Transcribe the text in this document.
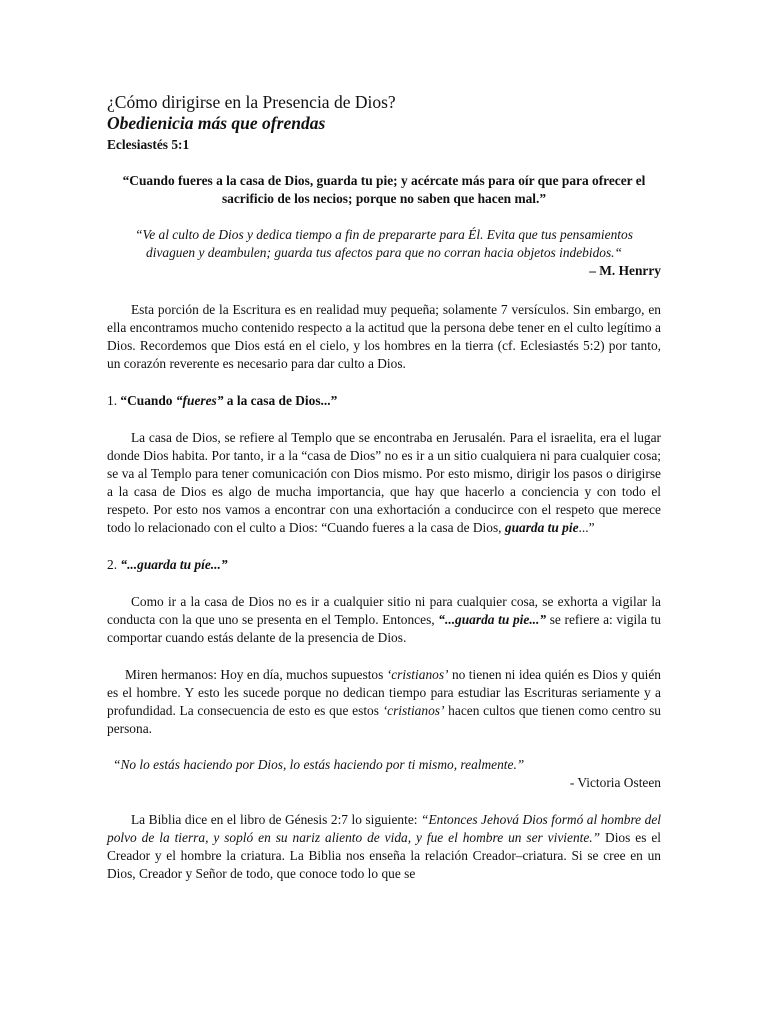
¿Cómo dirigirse en la Presencia de Dios?
Obedienicia más que ofrendas

Eclesiastés 5:1

“Cuando fueres a la casa de Dios, guarda tu pie; y acércate más para oír que para ofrecer el sacrificio de los necios; porque no saben que hacen mal.”

“Ve al culto de Dios y dedica tiempo a fin de prepararte para Él. Evita que tus pensamientos divaguen y deambulen; guarda tus afectos para que no corran hacia objetos indebidos.“

– M. Henrry

Esta porción de la Escritura es en realidad muy pequeña; solamente 7 versículos. Sin embargo, en ella encontramos mucho contenido respecto a la actitud que la persona debe tener en el culto legítimo a Dios. Recordemos que Dios está en el cielo, y los hombres en la tierra (cf. Eclesiastés 5:2) por tanto, un corazón reverente es necesario para dar culto a Dios.

1. “Cuando “fueres” a la casa de Dios...”

La casa de Dios, se refiere al Templo que se encontraba en Jerusalén. Para el israelita, era el lugar donde Dios habita. Por tanto, ir a la “casa de Dios” no es ir a un sitio cualquiera ni para cualquier cosa; se va al Templo para tener comunicación con Dios mismo. Por esto mismo, dirigir los pasos o dirigirse a la casa de Dios es algo de mucha importancia, que hay que hacerlo a conciencia y con todo el respeto. Por esto nos vamos a encontrar con una exhortación a conducirce con el respeto que merece todo lo relacionado con el culto a Dios: “Cuando fueres a la casa de Dios, guarda tu pie...”

2. “...guarda tu píe...”

Como ir a la casa de Dios no es ir a cualquier sitio ni para cualquier cosa, se exhorta a vigilar la conducta con la que uno se presenta en el Templo. Entonces, “...guarda tu pie...” se refiere a: vigila tu comportar cuando estás delante de la presencia de Dios.

Miren hermanos: Hoy en día, muchos supuestos ‘cristianos’ no tienen ni idea quién es Dios y quién es el hombre. Y esto les sucede porque no dedican tiempo para estudiar las Escrituras seriamente y a profundidad. La consecuencia de esto es que estos ‘cristianos’ hacen cultos que tienen como centro su persona.

“No lo estás haciendo por Dios, lo estás haciendo por ti mismo, realmente.”

- Victoria Osteen

La Biblia dice en el libro de Génesis 2:7 lo siguiente: “Entonces Jehová Dios formó al hombre del polvo de la tierra, y sopló en su nariz aliento de vida, y fue el hombre un ser viviente.” Dios es el Creador y el hombre la criatura. La Biblia nos enseña la relación Creador–criatura. Si se cree en un Dios, Creador y Señor de todo, que conoce todo lo que se
